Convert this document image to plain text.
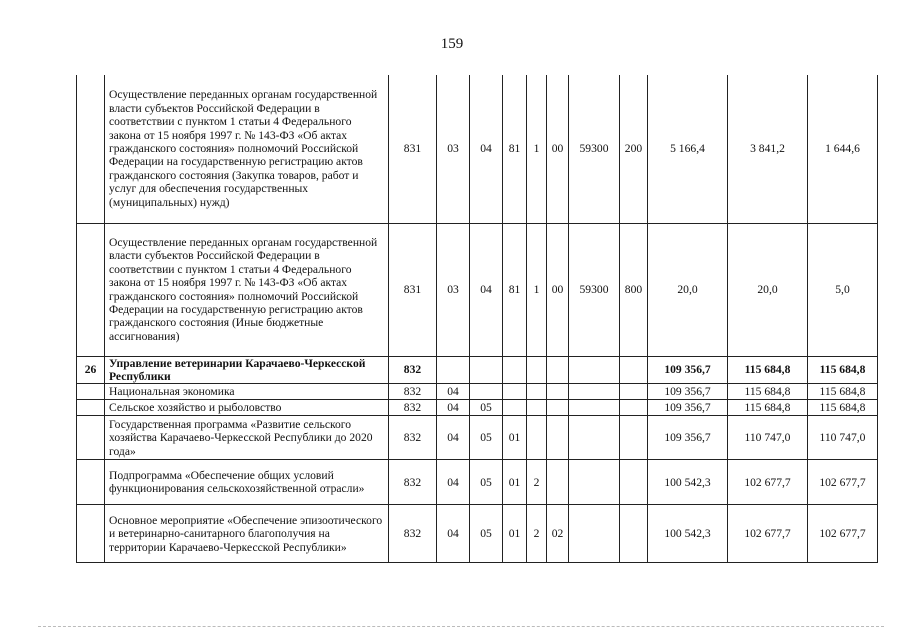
159
	Осуществление переданных органам государственной власти субъектов Российской Федерации в соответствии с пунктом 1 статьи 4 Федерального закона от 15 ноября 1997 г. № 143-ФЗ «Об актах гражданского состояния» полномочий Российской Федерации на государственную регистрацию актов гражданского состояния (Закупка товаров, работ и услуг для обеспечения государственных (муниципальных) нужд)	831	03	04	81	1	00	59300	200	5 166,4	3 841,2	1 644,6
	Осуществление переданных органам государственной власти субъектов Российской Федерации в соответствии с пунктом 1 статьи 4 Федерального закона от 15 ноября 1997 г. № 143-ФЗ «Об актах гражданского состояния» полномочий Российской Федерации на государственную регистрацию актов гражданского состояния (Иные бюджетные ассигнования)	831	03	04	81	1	00	59300	800	20,0	20,0	5,0
26	Управление ветеринарии Карачаево-Черкесской Республики	832								109 356,7	115 684,8	115 684,8
	Национальная экономика	832	04							109 356,7	115 684,8	115 684,8
	Сельское хозяйство и рыболовство	832	04	05						109 356,7	115 684,8	115 684,8
	Государственная программа «Развитие сельского хозяйства Карачаево-Черкесской Республики до 2020 года»	832	04	05	01					109 356,7	110 747,0	110 747,0
	Подпрограмма «Обеспечение общих условий функционирования сельскохозяйственной отрасли»	832	04	05	01	2				100 542,3	102 677,7	102 677,7
	Основное мероприятие «Обеспечение эпизоотического и ветеринарно-санитарного благополучия на территории Карачаево-Черкесской Республики»	832	04	05	01	2	02			100 542,3	102 677,7	102 677,7
